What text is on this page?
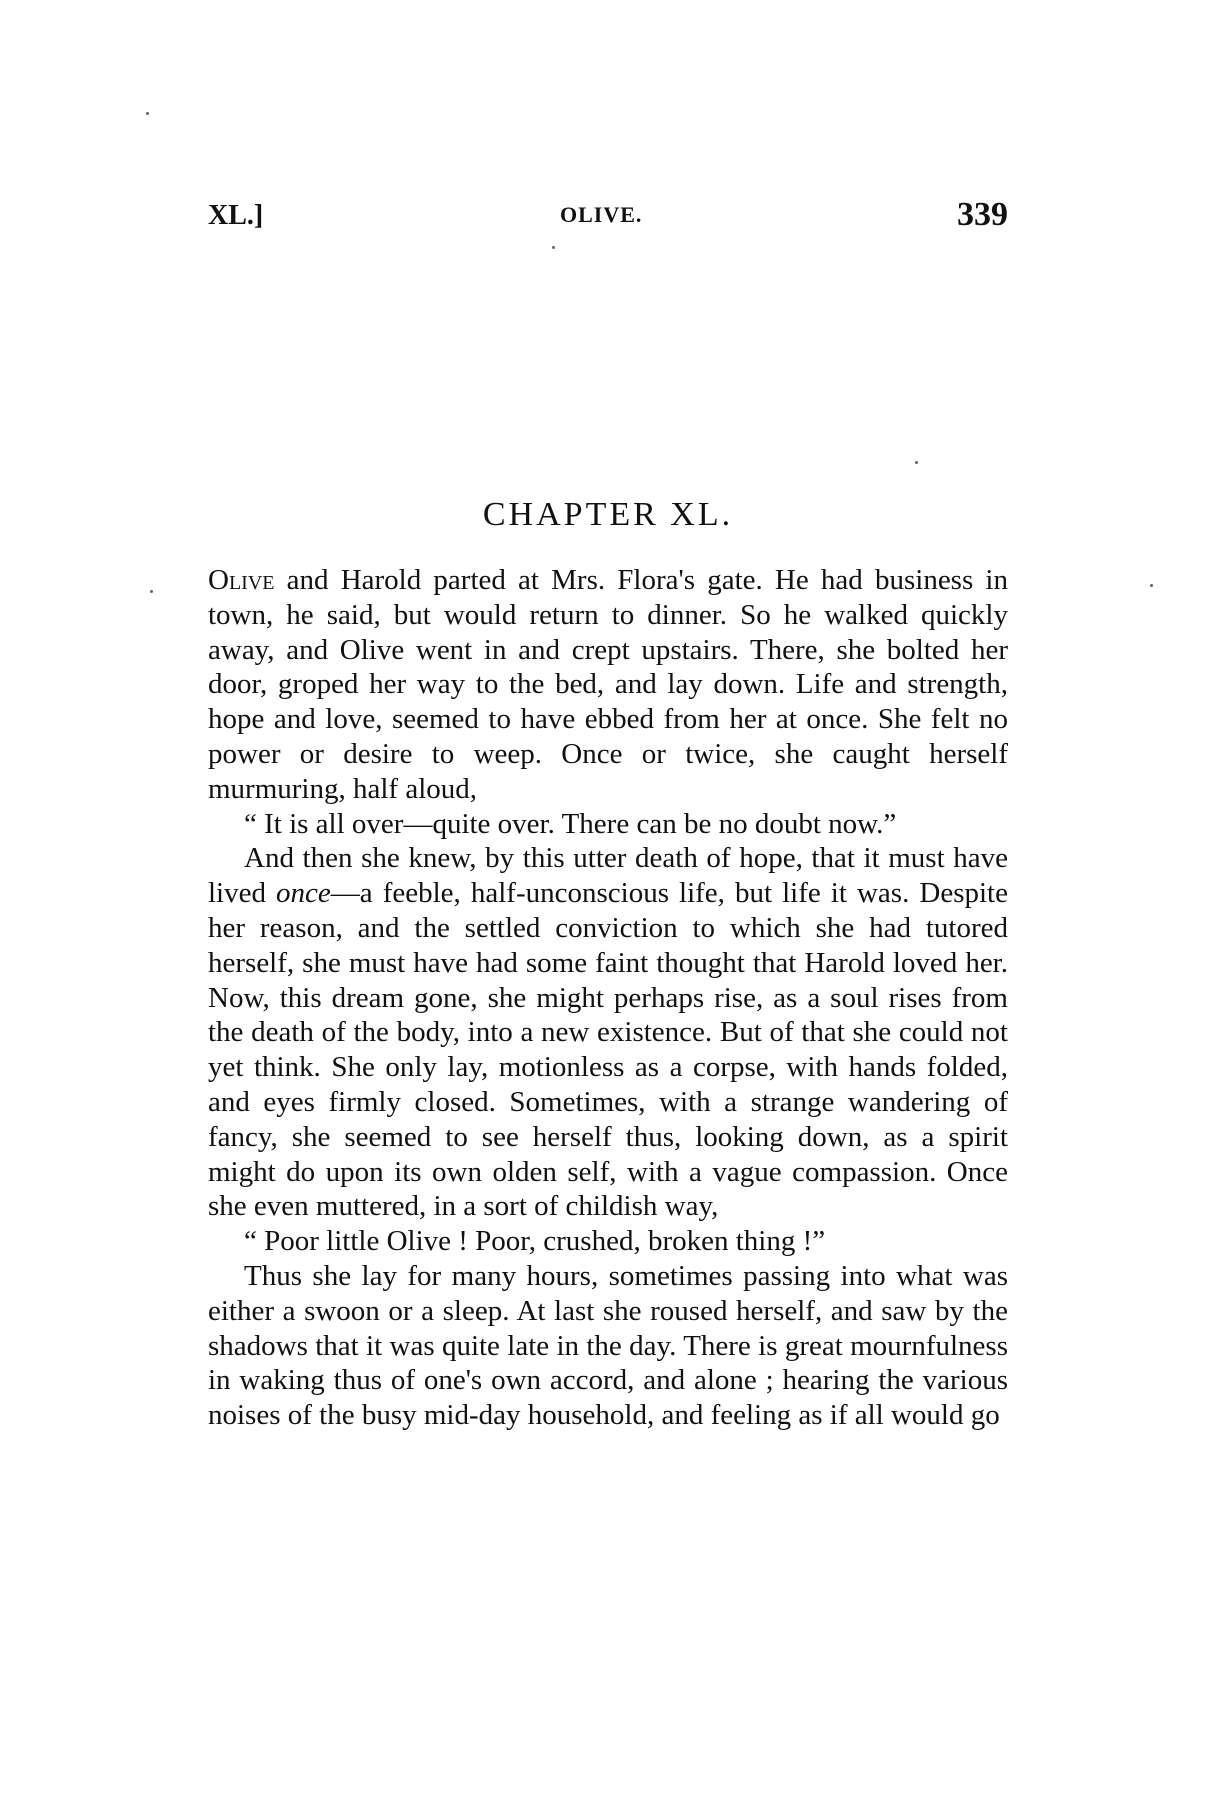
XL.]	OLIVE.	339
CHAPTER XL.

Olive and Harold parted at Mrs. Flora's gate. He had business in town, he said, but would return to dinner. So he walked quickly away, and Olive went in and crept upstairs. There, she bolted her door, groped her way to the bed, and lay down. Life and strength, hope and love, seemed to have ebbed from her at once. She felt no power or desire to weep. Once or twice, she caught herself murmuring, half aloud,

“ It is all over—quite over. There can be no doubt now.”

And then she knew, by this utter death of hope, that it must have lived once—a feeble, half-unconscious life, but life it was. Despite her reason, and the settled conviction to which she had tutored herself, she must have had some faint thought that Harold loved her. Now, this dream gone, she might perhaps rise, as a soul rises from the death of the body, into a new existence. But of that she could not yet think. She only lay, motionless as a corpse, with hands folded, and eyes firmly closed. Sometimes, with a strange wandering of fancy, she seemed to see herself thus, looking down, as a spirit might do upon its own olden self, with a vague compassion. Once she even muttered, in a sort of childish way,

“ Poor little Olive ! Poor, crushed, broken thing !”

Thus she lay for many hours, sometimes passing into what was either a swoon or a sleep. At last she roused herself, and saw by the shadows that it was quite late in the day. There is great mournfulness in waking thus of one's own accord, and alone ; hearing the various noises of the busy mid-day household, and feeling as if all would go
